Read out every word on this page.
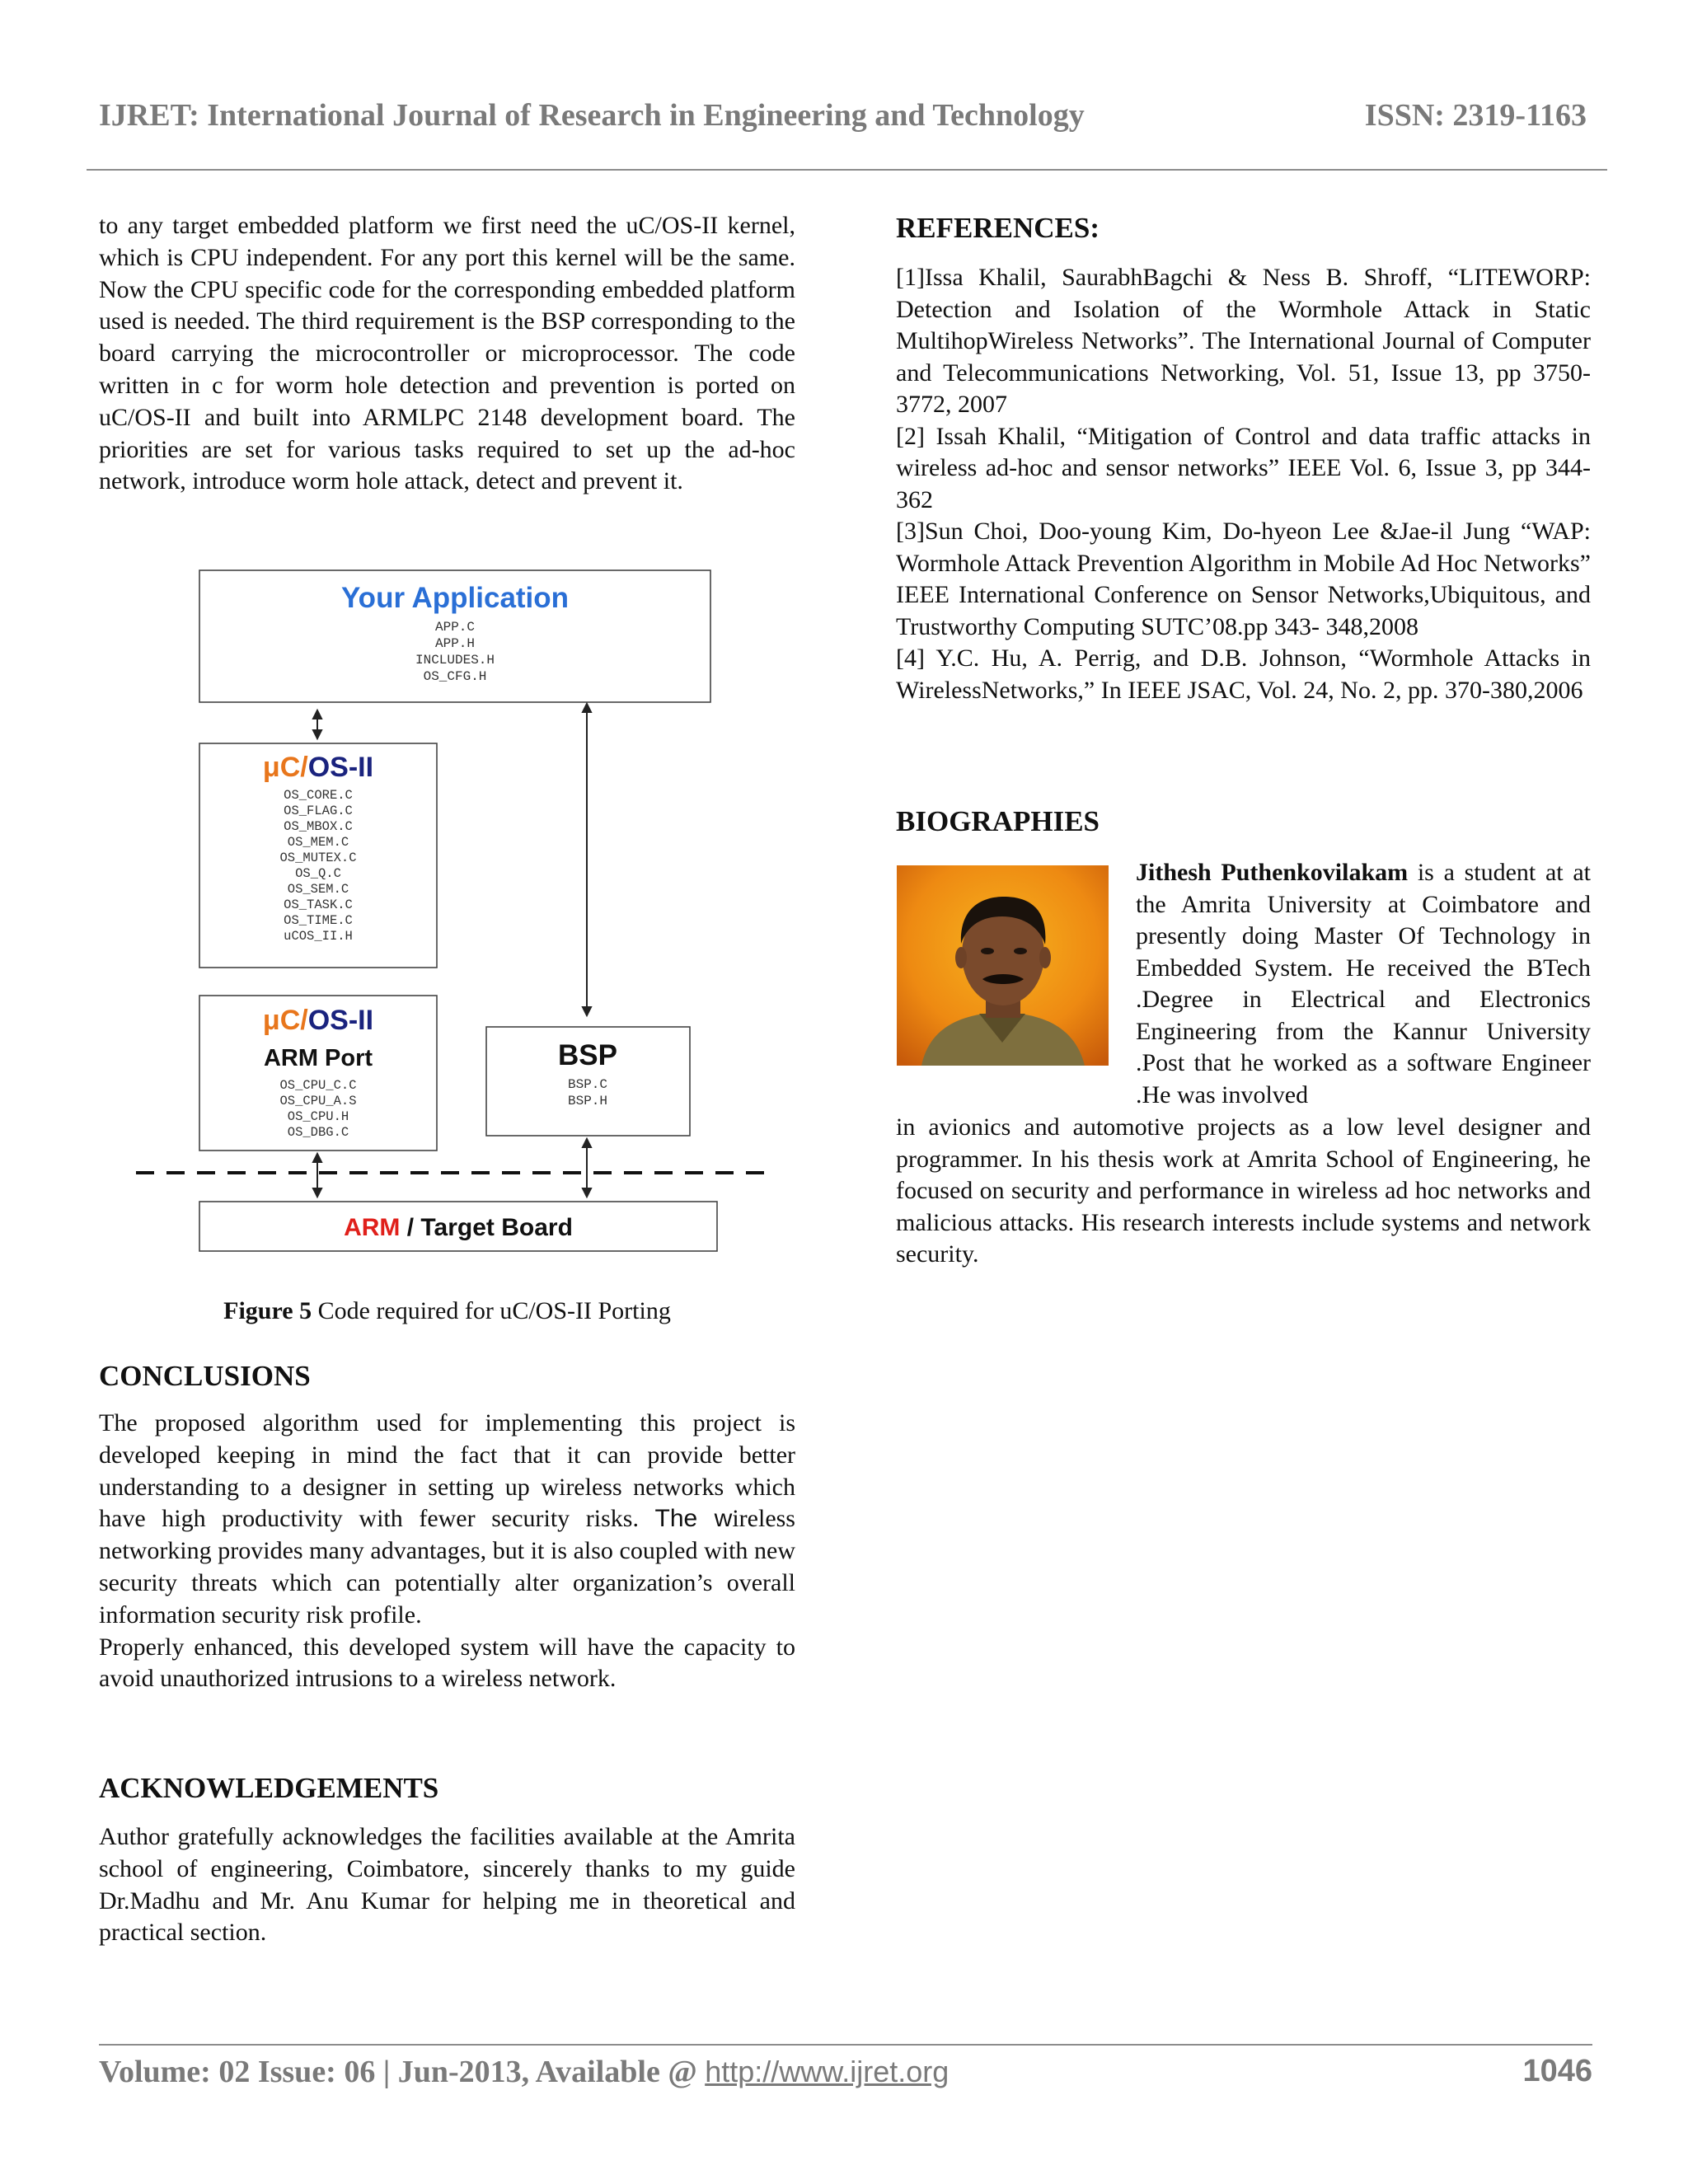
IJRET: International Journal of Research in Engineering and Technology	ISSN: 2319-1163

to any target embedded platform we first need the uC/OS-II kernel, which is CPU independent. For any port this kernel will be the same. Now the CPU specific code for the corresponding embedded platform used is needed. The third requirement is the BSP corresponding to the board carrying the microcontroller or microprocessor. The code written in c for worm hole detection and prevention is ported on uC/OS-II and built into ARMLPC 2148 development board. The priorities are set for various tasks required to set up the ad-hoc network, introduce worm hole attack, detect and prevent it.

Your Application
APP.C
APP.H
INCLUDES.H
OS_CFG.H
μC/OS-II
OS_CORE.C
OS_FLAG.C
OS_MBOX.C
OS_MEM.C
OS_MUTEX.C
OS_Q.C
OS_SEM.C
OS_TASK.C
OS_TIME.C
uCOS_II.H
μC/OS-II
ARM Port
OS_CPU_C.C
OS_CPU_A.S
OS_CPU.H
OS_DBG.C
BSP
BSP.C
BSP.H
ARM / Target Board
Figure 5 Code required for uC/OS-II Porting
CONCLUSIONS

The proposed algorithm used for implementing this project is developed keeping in mind the fact that it can provide better understanding to a designer in setting up wireless networks which have high productivity with fewer security risks. The wireless networking provides many advantages, but it is also coupled with new security threats which can potentially alter organization’s overall information security risk profile.

Properly enhanced, this developed system will have the capacity to avoid unauthorized intrusions to a wireless network.

ACKNOWLEDGEMENTS

Author gratefully acknowledges the facilities available at the Amrita school of engineering, Coimbatore, sincerely thanks to my guide Dr.Madhu and Mr. Anu Kumar for helping me in theoretical and practical section.

REFERENCES:

[1]Issa Khalil, SaurabhBagchi & Ness B. Shroff, “LITEWORP: Detection and Isolation of the Wormhole Attack in Static MultihopWireless Networks”. The International Journal of Computer and Telecommunications Networking, Vol. 51, Issue 13, pp 3750- 3772, 2007

[2] Issah Khalil, “Mitigation of Control and data traffic attacks in wireless ad-hoc and sensor networks” IEEE Vol. 6, Issue 3, pp 344-362

[3]Sun Choi, Doo-young Kim, Do-hyeon Lee &Jae-il Jung “WAP: Wormhole Attack Prevention Algorithm in Mobile Ad Hoc Networks” IEEE International Conference on Sensor Networks,Ubiquitous, and Trustworthy Computing SUTC’08.pp 343- 348,2008

[4] Y.C. Hu, A. Perrig, and D.B. Johnson, “Wormhole Attacks in WirelessNetworks,” In IEEE JSAC, Vol. 24, No. 2, pp. 370-380,2006

BIOGRAPHIES

Jithesh Puthenkovilakam is a student at at the Amrita University at Coimbatore and presently doing Master Of Technology in Embedded System. He received the BTech .Degree in Electrical and Electronics Engineering from the Kannur University .Post that he worked as a software Engineer .He was involved

in avionics and automotive projects as a low level designer and programmer. In his thesis work at Amrita School of Engineering, he focused on security and performance in wireless ad hoc networks and malicious attacks. His research interests include systems and network security.

Volume: 02 Issue: 06 | Jun-2013, Available @ http://www.ijret.org	1046
